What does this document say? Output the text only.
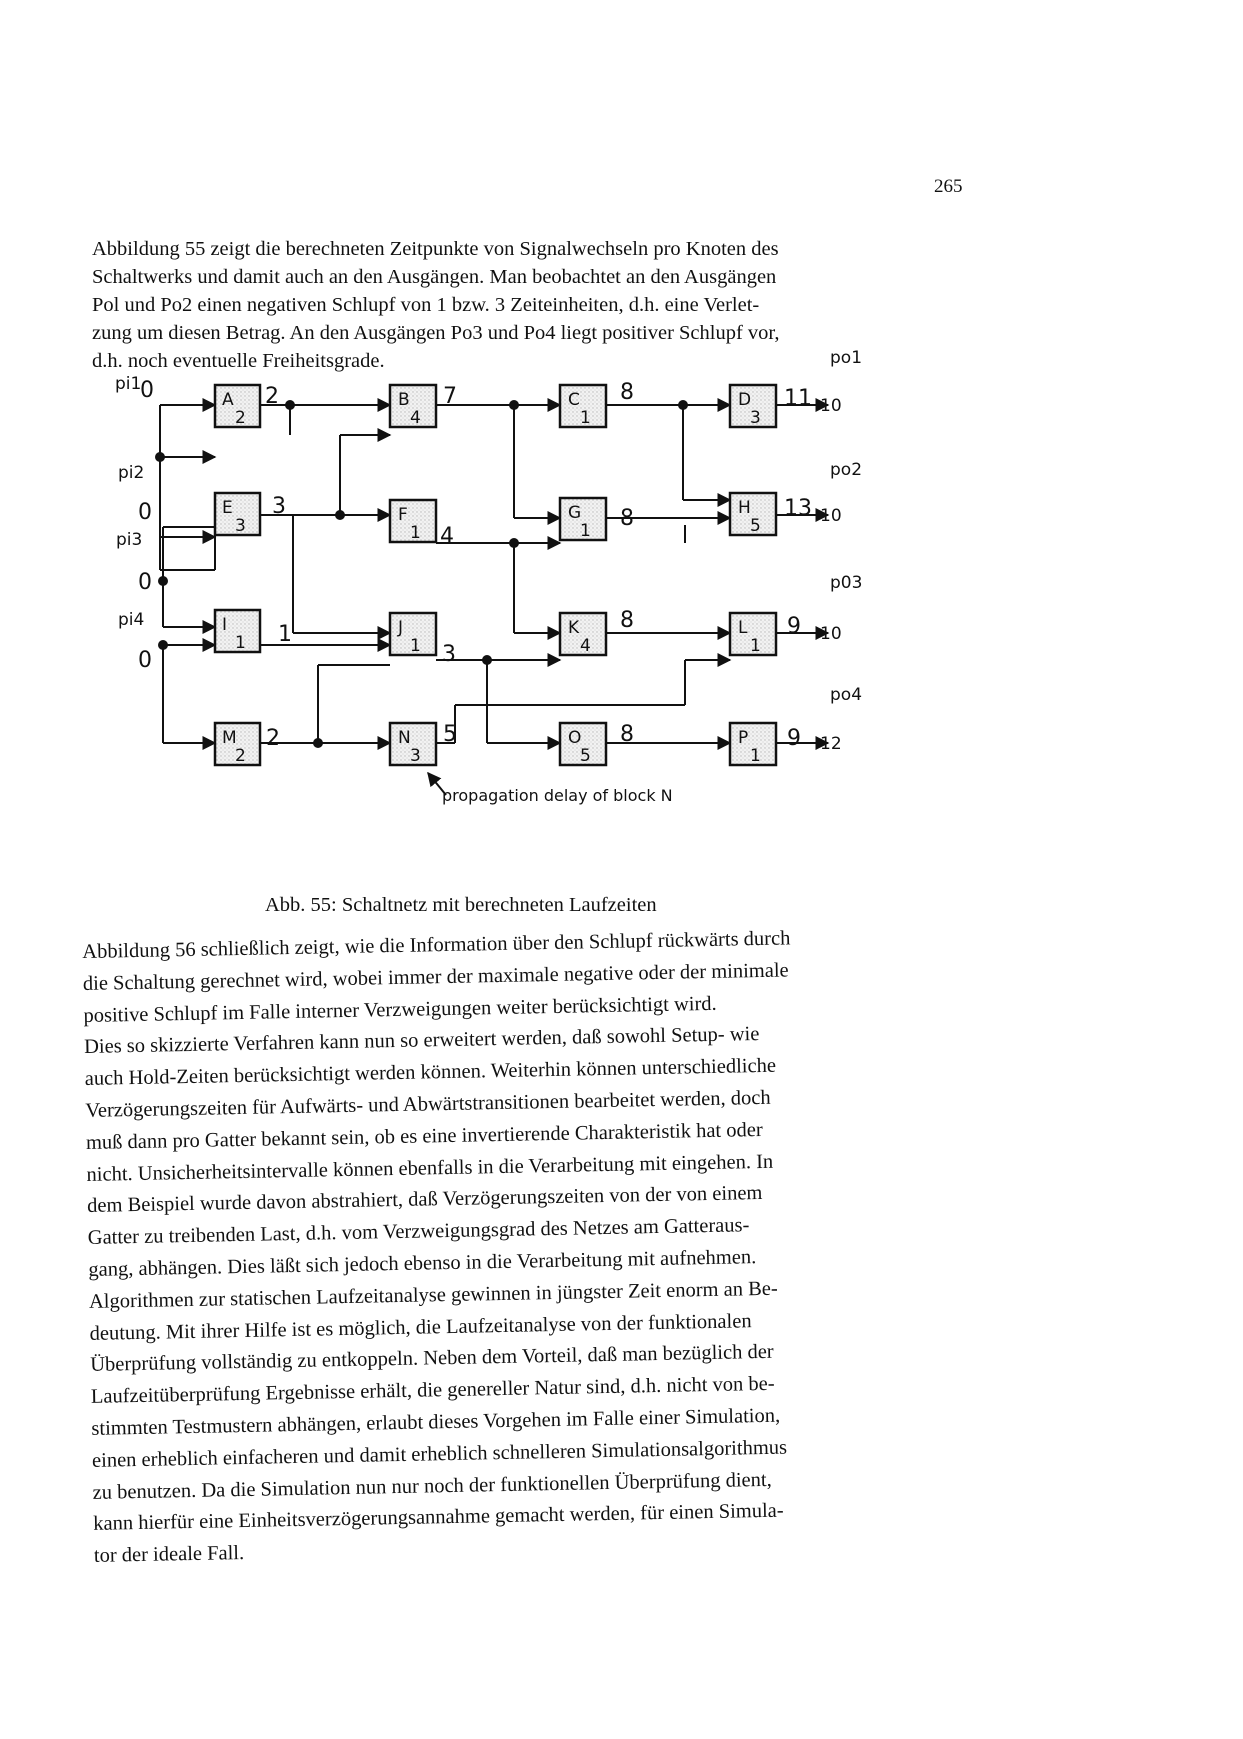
265
Abbildung 55 zeigt die berechneten Zeitpunkte von Signalwechseln pro Knoten des
Schaltwerks und damit auch an den Ausgängen. Man beobachtet an den Ausgängen
Pol und Po2 einen negativen Schlupf von 1 bzw. 3 Zeiteinheiten, d.h. eine Verlet-
zung um diesen Betrag. An den Ausgängen Po3 und Po4 liegt positiver Schlupf vor,
d.h. noch eventuelle Freiheitsgrade.
A
2
B
4
C
1
D
3
E
3
F
1
G
1
H
5
I
1
J
1
K
4
L
1
M
2
N
3
O
5
P
1
pi1
0
pi2
0
pi3
0
pi4
0
2	7	8
3
4
8
1
3
8
2	5	8
po1
11 10
po2
13 10
p03
9 10
po4
9 12
propagation delay of block N
Abb. 55: Schaltnetz mit berechneten Laufzeiten
Abbildung 56 schließlich zeigt, wie die Information über den Schlupf rückwärts durch
die Schaltung gerechnet wird, wobei immer der maximale negative oder der minimale
positive Schlupf im Falle interner Verzweigungen weiter berücksichtigt wird.
Dies so skizzierte Verfahren kann nun so erweitert werden, daß sowohl Setup- wie
auch Hold-Zeiten berücksichtigt werden können. Weiterhin können unterschiedliche
Verzögerungszeiten für Aufwärts- und Abwärtstransitionen bearbeitet werden, doch
muß dann pro Gatter bekannt sein, ob es eine invertierende Charakteristik hat oder
nicht. Unsicherheitsintervalle können ebenfalls in die Verarbeitung mit eingehen. In
dem Beispiel wurde davon abstrahiert, daß Verzögerungszeiten von der von einem
Gatter zu treibenden Last, d.h. vom Verzweigungsgrad des Netzes am Gatteraus-
gang, abhängen. Dies läßt sich jedoch ebenso in die Verarbeitung mit aufnehmen.
Algorithmen zur statischen Laufzeitanalyse gewinnen in jüngster Zeit enorm an Be-
deutung. Mit ihrer Hilfe ist es möglich, die Laufzeitanalyse von der funktionalen
Überprüfung vollständig zu entkoppeln. Neben dem Vorteil, daß man bezüglich der
Laufzeitüberprüfung Ergebnisse erhält, die genereller Natur sind, d.h. nicht von be-
stimmten Testmustern abhängen, erlaubt dieses Vorgehen im Falle einer Simulation,
einen erheblich einfacheren und damit erheblich schnelleren Simulationsalgorithmus
zu benutzen. Da die Simulation nun nur noch der funktionellen Überprüfung dient,
kann hierfür eine Einheitsverzögerungsannahme gemacht werden, für einen Simula-
tor der ideale Fall.
